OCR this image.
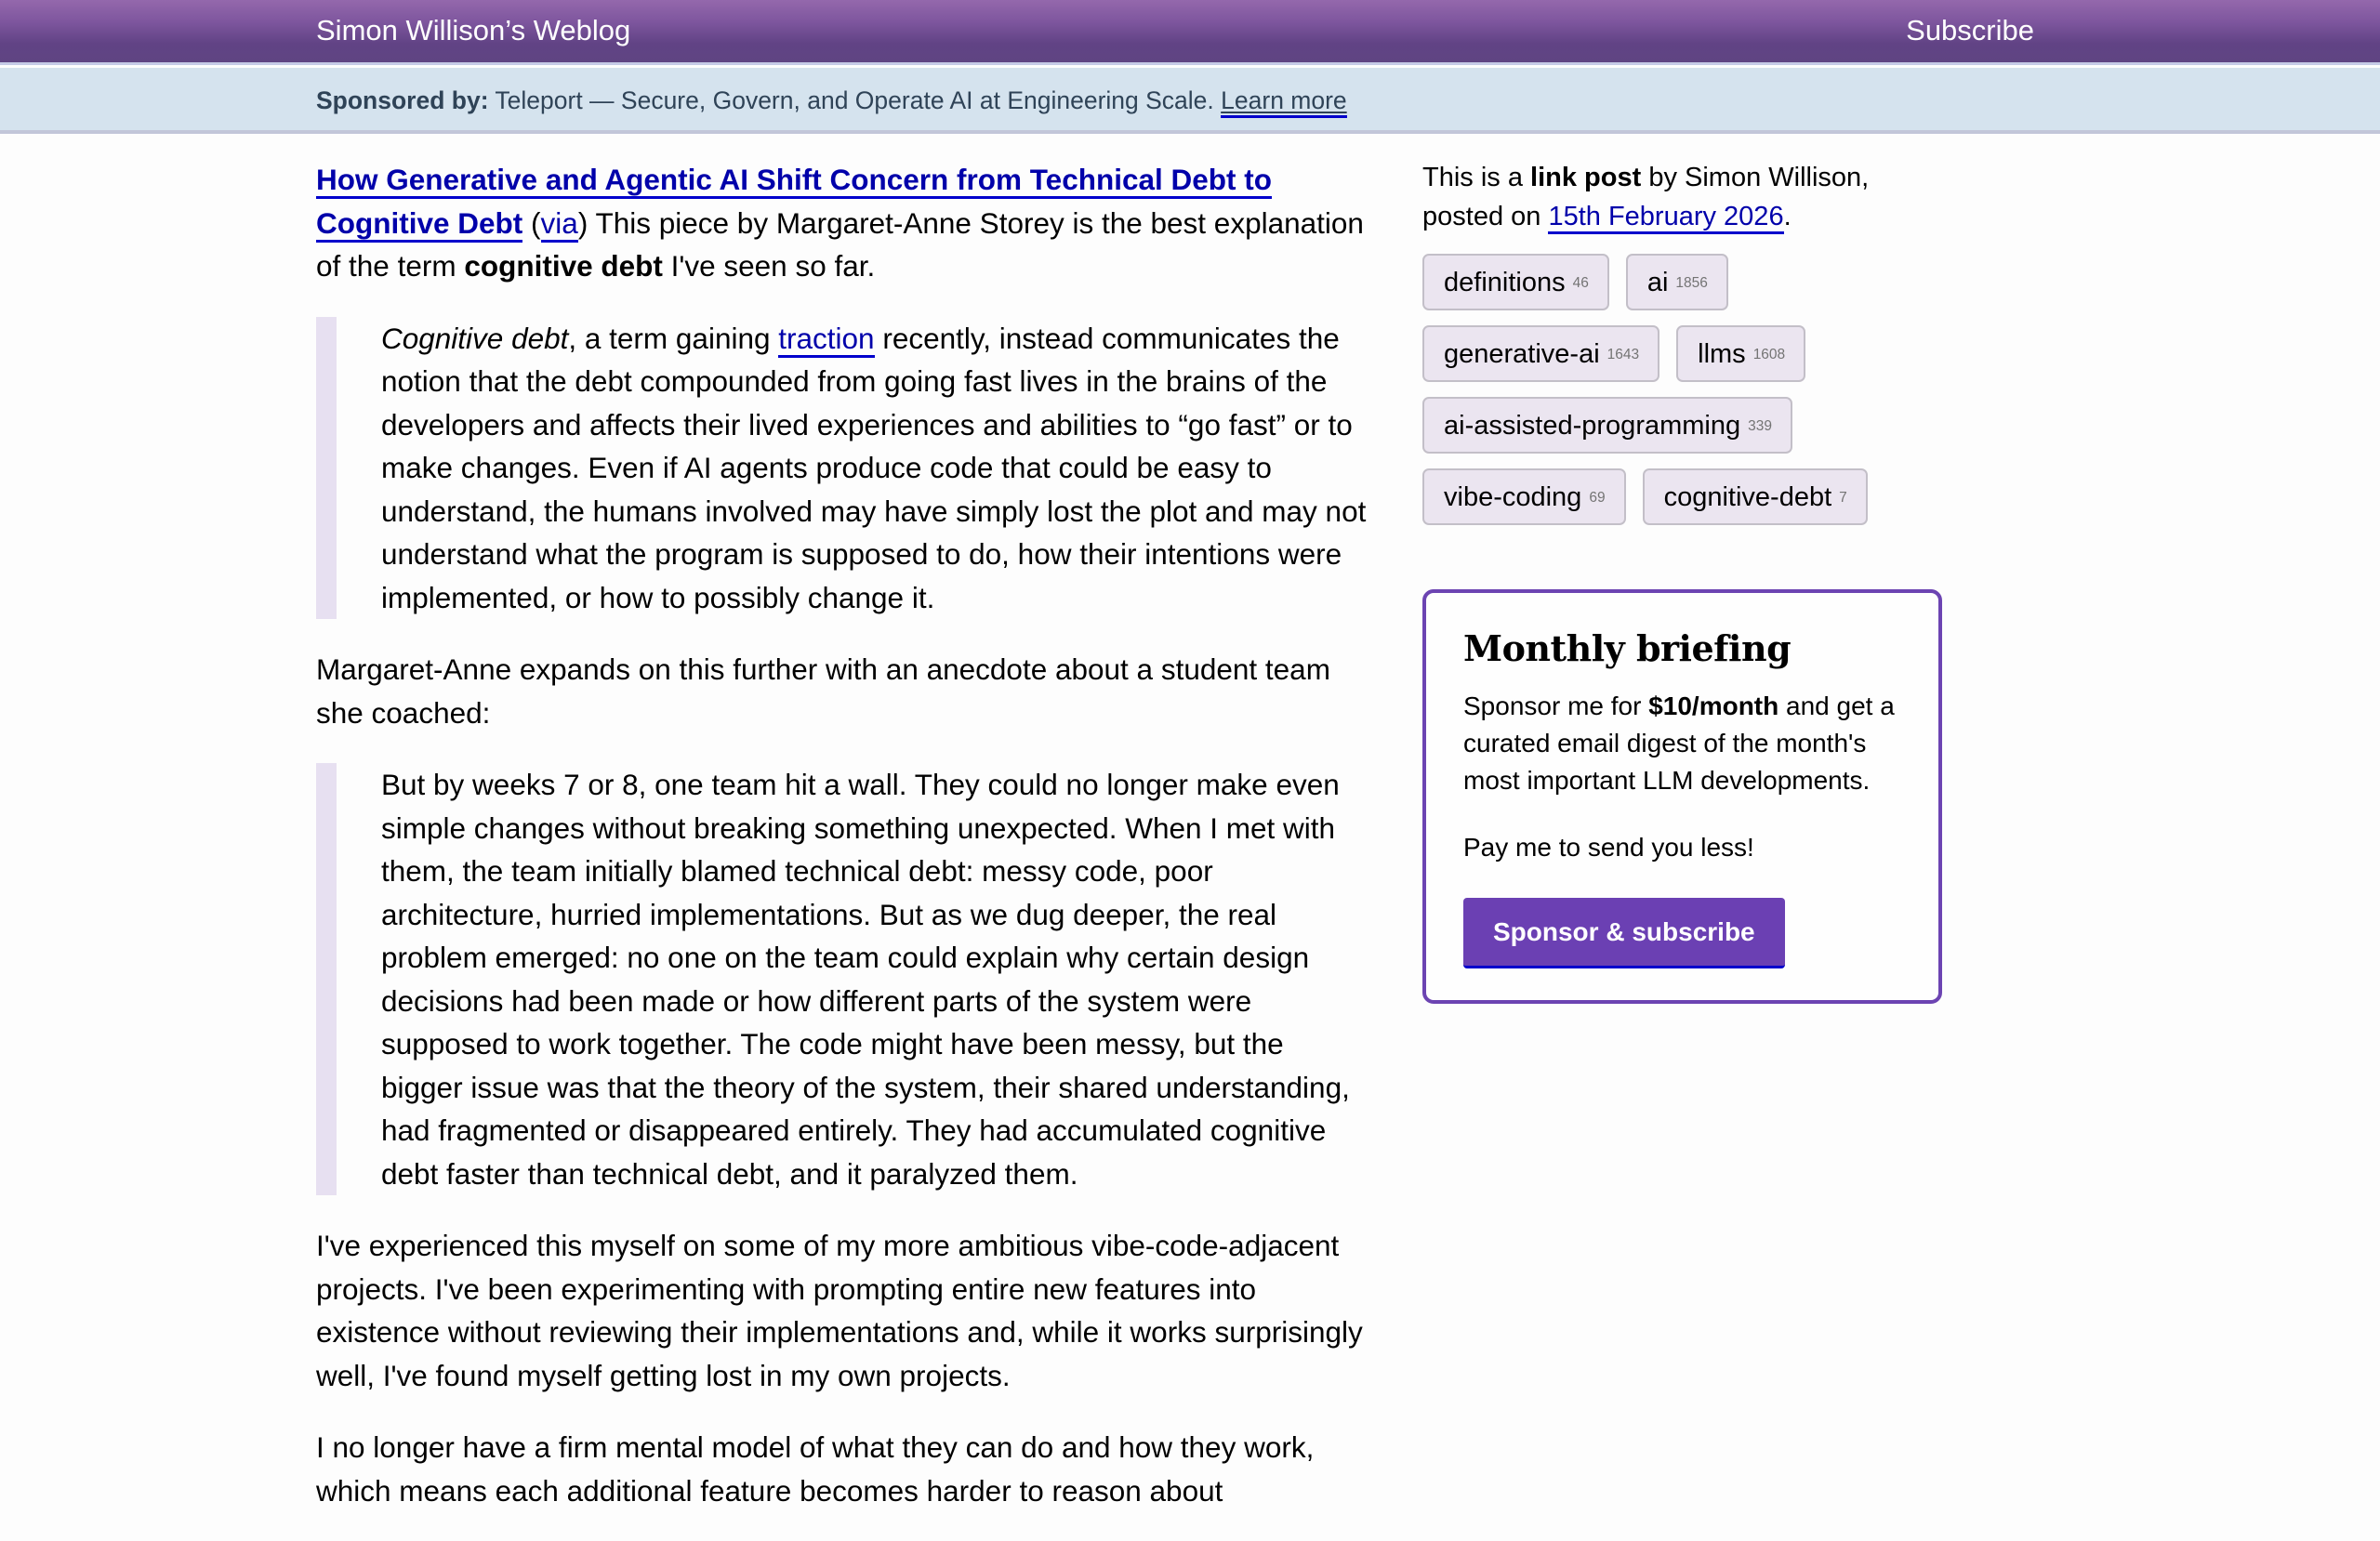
Simon Willison’s Weblog	Subscribe
Sponsored by: Teleport — Secure, Govern, and Operate AI at Engineering Scale. Learn more

How Generative and Agentic AI Shift Concern from Technical Debt to Cognitive Debt (via) This piece by Margaret-Anne Storey is the best explanation of the term cognitive debt I've seen so far.

Cognitive debt, a term gaining traction recently, instead communicates the notion that the debt compounded from going fast lives in the brains of the developers and affects their lived experiences and abilities to “go fast” or to make changes. Even if AI agents produce code that could be easy to understand, the humans involved may have simply lost the plot and may not understand what the program is supposed to do, how their intentions were implemented, or how to possibly change it.

Margaret-Anne expands on this further with an anecdote about a student team she coached:

But by weeks 7 or 8, one team hit a wall. They could no longer make even simple changes without breaking something unexpected. When I met with them, the team initially blamed technical debt: messy code, poor architecture, hurried implementations. But as we dug deeper, the real problem emerged: no one on the team could explain why certain design decisions had been made or how different parts of the system were supposed to work together. The code might have been messy, but the bigger issue was that the theory of the system, their shared understanding, had fragmented or disappeared entirely. They had accumulated cognitive debt faster than technical debt, and it paralyzed them.

I've experienced this myself on some of my more ambitious vibe-code-adjacent projects. I've been experimenting with prompting entire new features into existence without reviewing their implementations and, while it works surprisingly well, I've found myself getting lost in my own projects.

I no longer have a firm mental model of what they can do and how they work, which means each additional feature becomes harder to reason about

This is a link post by Simon Willison, posted on 15th February 2026.

definitions 46 ai 1856
generative-ai 1643 llms 1608
ai-assisted-programming 339
vibe-coding 69 cognitive-debt 7
Monthly briefing

Sponsor me for $10/month and get a curated email digest of the month's most important LLM developments.

Pay me to send you less!

Sponsor & subscribe
